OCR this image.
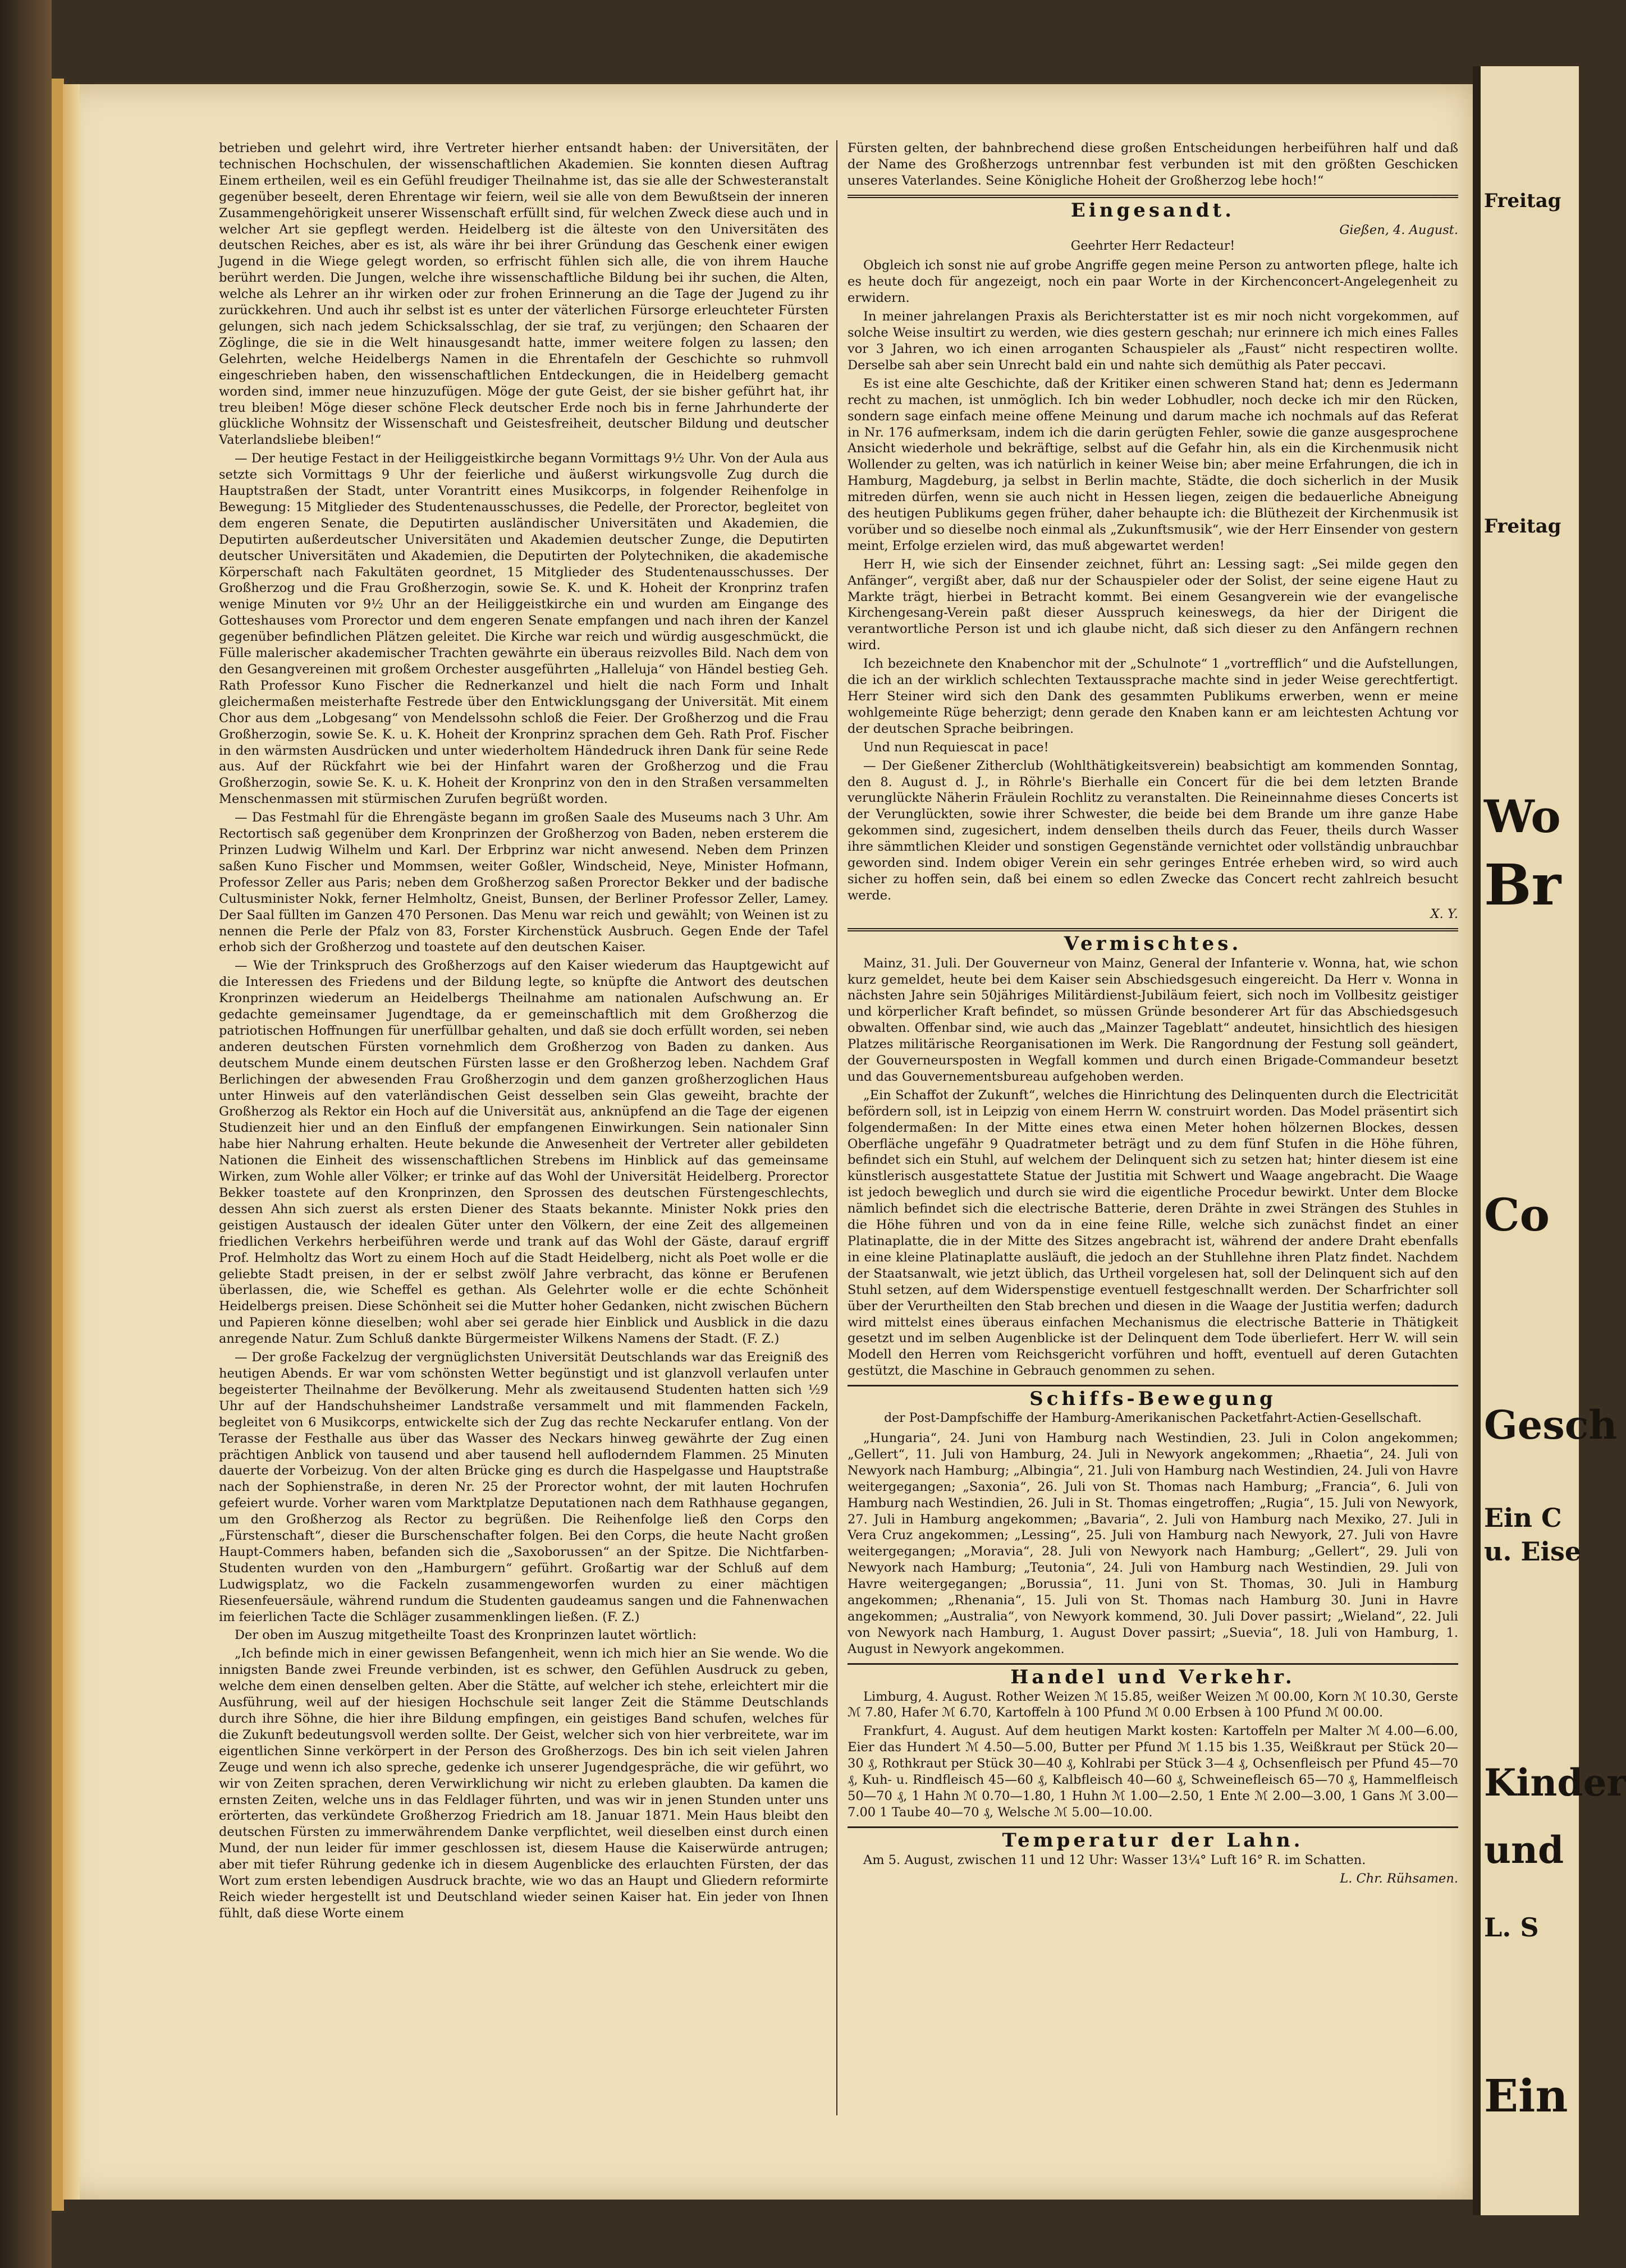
betrieben und gelehrt wird, ihre Vertreter hierher entsandt haben: der Universitäten, der technischen Hochschulen, der wissenschaftlichen Akademien. Sie konnten diesen Auftrag Einem ertheilen, weil es ein Gefühl freudiger Theilnahme ist, das sie alle der Schwesteranstalt gegenüber beseelt, deren Ehrentage wir feiern, weil sie alle von dem Bewußtsein der inneren Zusammengehörigkeit unserer Wissenschaft erfüllt sind, für welchen Zweck diese auch und in welcher Art sie gepflegt werden. Heidelberg ist die älteste von den Universitäten des deutschen Reiches, aber es ist, als wäre ihr bei ihrer Gründung das Geschenk einer ewigen Jugend in die Wiege gelegt worden, so erfrischt fühlen sich alle, die von ihrem Hauche berührt werden. Die Jungen, welche ihre wissenschaftliche Bildung bei ihr suchen, die Alten, welche als Lehrer an ihr wirken oder zur frohen Erinnerung an die Tage der Jugend zu ihr zurückkehren. Und auch ihr selbst ist es unter der väterlichen Fürsorge erleuchteter Fürsten gelungen, sich nach jedem Schicksalsschlag, der sie traf, zu verjüngen; den Schaaren der Zöglinge, die sie in die Welt hinausgesandt hatte, immer weitere folgen zu lassen; den Gelehrten, welche Heidelbergs Namen in die Ehrentafeln der Geschichte so ruhmvoll eingeschrieben haben, den wissenschaftlichen Entdeckungen, die in Heidelberg gemacht worden sind, immer neue hinzuzufügen. Möge der gute Geist, der sie bisher geführt hat, ihr treu bleiben! Möge dieser schöne Fleck deutscher Erde noch bis in ferne Jahrhunderte der glückliche Wohnsitz der Wissenschaft und Geistesfreiheit, deutscher Bildung und deutscher Vaterlandsliebe bleiben!“

— Der heutige Festact in der Heiliggeistkirche begann Vormittags 9½ Uhr. Von der Aula aus setzte sich Vormittags 9 Uhr der feierliche und äußerst wirkungsvolle Zug durch die Hauptstraßen der Stadt, unter Vorantritt eines Musikcorps, in folgender Reihenfolge in Bewegung: 15 Mitglieder des Studentenausschusses, die Pedelle, der Prorector, begleitet von dem engeren Senate, die Deputirten ausländischer Universitäten und Akademien, die Deputirten außerdeutscher Universitäten und Akademien deutscher Zunge, die Deputirten deutscher Universitäten und Akademien, die Deputirten der Polytechniken, die akademische Körperschaft nach Fakultäten geordnet, 15 Mitglieder des Studentenausschusses. Der Großherzog und die Frau Großherzogin, sowie Se. K. und K. Hoheit der Kronprinz trafen wenige Minuten vor 9½ Uhr an der Heiliggeistkirche ein und wurden am Eingange des Gotteshauses vom Prorector und dem engeren Senate empfangen und nach ihren der Kanzel gegenüber befindlichen Plätzen geleitet. Die Kirche war reich und würdig ausgeschmückt, die Fülle malerischer akademischer Trachten gewährte ein überaus reizvolles Bild. Nach dem von den Gesangvereinen mit großem Orchester ausgeführten „Halleluja“ von Händel bestieg Geh. Rath Professor Kuno Fischer die Rednerkanzel und hielt die nach Form und Inhalt gleichermaßen meisterhafte Festrede über den Entwicklungsgang der Universität. Mit einem Chor aus dem „Lobgesang“ von Mendelssohn schloß die Feier. Der Großherzog und die Frau Großherzogin, sowie Se. K. u. K. Hoheit der Kronprinz sprachen dem Geh. Rath Prof. Fischer in den wärmsten Ausdrücken und unter wiederholtem Händedruck ihren Dank für seine Rede aus. Auf der Rückfahrt wie bei der Hinfahrt waren der Großherzog und die Frau Großherzogin, sowie Se. K. u. K. Hoheit der Kronprinz von den in den Straßen versammelten Menschenmassen mit stürmischen Zurufen begrüßt worden.

— Das Festmahl für die Ehrengäste begann im großen Saale des Museums nach 3 Uhr. Am Rectortisch saß gegenüber dem Kronprinzen der Großherzog von Baden, neben ersterem die Prinzen Ludwig Wilhelm und Karl. Der Erbprinz war nicht anwesend. Neben dem Prinzen saßen Kuno Fischer und Mommsen, weiter Goßler, Windscheid, Neye, Minister Hofmann, Professor Zeller aus Paris; neben dem Großherzog saßen Prorector Bekker und der badische Cultusminister Nokk, ferner Helmholtz, Gneist, Bunsen, der Berliner Professor Zeller, Lamey. Der Saal füllten im Ganzen 470 Personen. Das Menu war reich und gewählt; von Weinen ist zu nennen die Perle der Pfalz von 83, Forster Kirchenstück Ausbruch. Gegen Ende der Tafel erhob sich der Großherzog und toastete auf den deutschen Kaiser.

— Wie der Trinkspruch des Großherzogs auf den Kaiser wiederum das Hauptgewicht auf die Interessen des Friedens und der Bildung legte, so knüpfte die Antwort des deutschen Kronprinzen wiederum an Heidelbergs Theilnahme am nationalen Aufschwung an. Er gedachte gemeinsamer Jugendtage, da er gemeinschaftlich mit dem Großherzog die patriotischen Hoffnungen für unerfüllbar gehalten, und daß sie doch erfüllt worden, sei neben anderen deutschen Fürsten vornehmlich dem Großherzog von Baden zu danken. Aus deutschem Munde einem deutschen Fürsten lasse er den Großherzog leben. Nachdem Graf Berlichingen der abwesenden Frau Großherzogin und dem ganzen großherzoglichen Haus unter Hinweis auf den vaterländischen Geist desselben sein Glas geweiht, brachte der Großherzog als Rektor ein Hoch auf die Universität aus, anknüpfend an die Tage der eigenen Studienzeit hier und an den Einfluß der empfangenen Einwirkungen. Sein nationaler Sinn habe hier Nahrung erhalten. Heute bekunde die Anwesenheit der Vertreter aller gebildeten Nationen die Einheit des wissenschaftlichen Strebens im Hinblick auf das gemeinsame Wirken, zum Wohle aller Völker; er trinke auf das Wohl der Universität Heidelberg. Prorector Bekker toastete auf den Kronprinzen, den Sprossen des deutschen Fürstengeschlechts, dessen Ahn sich zuerst als ersten Diener des Staats bekannte. Minister Nokk pries den geistigen Austausch der idealen Güter unter den Völkern, der eine Zeit des allgemeinen friedlichen Verkehrs herbeiführen werde und trank auf das Wohl der Gäste, darauf ergriff Prof. Helmholtz das Wort zu einem Hoch auf die Stadt Heidelberg, nicht als Poet wolle er die geliebte Stadt preisen, in der er selbst zwölf Jahre verbracht, das könne er Berufenen überlassen, die, wie Scheffel es gethan. Als Gelehrter wolle er die echte Schönheit Heidelbergs preisen. Diese Schönheit sei die Mutter hoher Gedanken, nicht zwischen Büchern und Papieren könne dieselben; wohl aber sei gerade hier Einblick und Ausblick in die dazu anregende Natur. Zum Schluß dankte Bürgermeister Wilkens Namens der Stadt. (F. Z.)

— Der große Fackelzug der vergnüglichsten Universität Deutschlands war das Ereigniß des heutigen Abends. Er war vom schönsten Wetter begünstigt und ist glanzvoll verlaufen unter begeisterter Theilnahme der Bevölkerung. Mehr als zweitausend Studenten hatten sich ½9 Uhr auf der Handschuhsheimer Landstraße versammelt und mit flammenden Fackeln, begleitet von 6 Musikcorps, entwickelte sich der Zug das rechte Neckarufer entlang. Von der Terasse der Festhalle aus über das Wasser des Neckars hinweg gewährte der Zug einen prächtigen Anblick von tausend und aber tausend hell aufloderndem Flammen. 25 Minuten dauerte der Vorbeizug. Von der alten Brücke ging es durch die Haspelgasse und Hauptstraße nach der Sophienstraße, in deren Nr. 25 der Prorector wohnt, der mit lauten Hochrufen gefeiert wurde. Vorher waren vom Marktplatze Deputationen nach dem Rathhause gegangen, um den Großherzog als Rector zu begrüßen. Die Reihenfolge ließ den Corps den „Fürstenschaft“, dieser die Burschenschafter folgen. Bei den Corps, die heute Nacht großen Haupt-Commers haben, befanden sich die „Saxoborussen“ an der Spitze. Die Nichtfarben-Studenten wurden von den „Hamburgern“ geführt. Großartig war der Schluß auf dem Ludwigsplatz, wo die Fackeln zusammengeworfen wurden zu einer mächtigen Riesenfeuersäule, während rundum die Studenten gaudeamus sangen und die Fahnenwachen im feierlichen Tacte die Schläger zusammenklingen ließen. (F. Z.)

Der oben im Auszug mitgetheilte Toast des Kronprinzen lautet wörtlich:

„Ich befinde mich in einer gewissen Befangenheit, wenn ich mich hier an Sie wende. Wo die innigsten Bande zwei Freunde verbinden, ist es schwer, den Gefühlen Ausdruck zu geben, welche dem einen denselben gelten. Aber die Stätte, auf welcher ich stehe, erleichtert mir die Ausführung, weil auf der hiesigen Hochschule seit langer Zeit die Stämme Deutschlands durch ihre Söhne, die hier ihre Bildung empfingen, ein geistiges Band schufen, welches für die Zukunft bedeutungsvoll werden sollte. Der Geist, welcher sich von hier verbreitete, war im eigentlichen Sinne verkörpert in der Person des Großherzogs. Des bin ich seit vielen Jahren Zeuge und wenn ich also spreche, gedenke ich unserer Jugendgespräche, die wir geführt, wo wir von Zeiten sprachen, deren Verwirklichung wir nicht zu erleben glaubten. Da kamen die ernsten Zeiten, welche uns in das Feldlager führten, und was wir in jenen Stunden unter uns erörterten, das verkündete Großherzog Friedrich am 18. Januar 1871. Mein Haus bleibt den deutschen Fürsten zu immerwährendem Danke verpflichtet, weil dieselben einst durch einen Mund, der nun leider für immer geschlossen ist, diesem Hause die Kaiserwürde antrugen; aber mit tiefer Rührung gedenke ich in diesem Augenblicke des erlauchten Fürsten, der das Wort zum ersten lebendigen Ausdruck brachte, wie wo das an Haupt und Gliedern reformirte Reich wieder hergestellt ist und Deutschland wieder seinen Kaiser hat. Ein jeder von Ihnen fühlt, daß diese Worte einem

Fürsten gelten, der bahnbrechend diese großen Entscheidungen herbeiführen half und daß der Name des Großherzogs untrennbar fest verbunden ist mit den größten Geschicken unseres Vaterlandes. Seine Königliche Hoheit der Großherzog lebe hoch!“

Eingesandt.
Gießen, 4. August.
Geehrter Herr Redacteur!

Obgleich ich sonst nie auf grobe Angriffe gegen meine Person zu antworten pflege, halte ich es heute doch für angezeigt, noch ein paar Worte in der Kirchenconcert-Angelegenheit zu erwidern.

In meiner jahrelangen Praxis als Berichterstatter ist es mir noch nicht vorgekommen, auf solche Weise insultirt zu werden, wie dies gestern geschah; nur erinnere ich mich eines Falles vor 3 Jahren, wo ich einen arroganten Schauspieler als „Faust“ nicht respectiren wollte. Derselbe sah aber sein Unrecht bald ein und nahte sich demüthig als Pater peccavi.

Es ist eine alte Geschichte, daß der Kritiker einen schweren Stand hat; denn es Jedermann recht zu machen, ist unmöglich. Ich bin weder Lobhudler, noch decke ich mir den Rücken, sondern sage einfach meine offene Meinung und darum mache ich nochmals auf das Referat in Nr. 176 aufmerksam, indem ich die darin gerügten Fehler, sowie die ganze ausgesprochene Ansicht wiederhole und bekräftige, selbst auf die Gefahr hin, als ein die Kirchenmusik nicht Wollender zu gelten, was ich natürlich in keiner Weise bin; aber meine Erfahrungen, die ich in Hamburg, Magdeburg, ja selbst in Berlin machte, Städte, die doch sicherlich in der Musik mitreden dürfen, wenn sie auch nicht in Hessen liegen, zeigen die bedauerliche Abneigung des heutigen Publikums gegen früher, daher behaupte ich: die Blüthezeit der Kirchenmusik ist vorüber und so dieselbe noch einmal als „Zukunftsmusik“, wie der Herr Einsender von gestern meint, Erfolge erzielen wird, das muß abgewartet werden!

Herr H, wie sich der Einsender zeichnet, führt an: Lessing sagt: „Sei milde gegen den Anfänger“, vergißt aber, daß nur der Schauspieler oder der Solist, der seine eigene Haut zu Markte trägt, hierbei in Betracht kommt. Bei einem Gesangverein wie der evangelische Kirchengesang-Verein paßt dieser Ausspruch keineswegs, da hier der Dirigent die verantwortliche Person ist und ich glaube nicht, daß sich dieser zu den Anfängern rechnen wird.

Ich bezeichnete den Knabenchor mit der „Schulnote“ 1 „vortrefflich“ und die Aufstellungen, die ich an der wirklich schlechten Textaussprache machte sind in jeder Weise gerechtfertigt. Herr Steiner wird sich den Dank des gesammten Publikums erwerben, wenn er meine wohlgemeinte Rüge beherzigt; denn gerade den Knaben kann er am leichtesten Achtung vor der deutschen Sprache beibringen.

Und nun Requiescat in pace!

— Der Gießener Zitherclub (Wohlthätigkeitsverein) beabsichtigt am kommenden Sonntag, den 8. August d. J., in Röhrle's Bierhalle ein Concert für die bei dem letzten Brande verunglückte Näherin Fräulein Rochlitz zu veranstalten. Die Reineinnahme dieses Concerts ist der Verunglückten, sowie ihrer Schwester, die beide bei dem Brande um ihre ganze Habe gekommen sind, zugesichert, indem denselben theils durch das Feuer, theils durch Wasser ihre sämmtlichen Kleider und sonstigen Gegenstände vernichtet oder vollständig unbrauchbar geworden sind. Indem obiger Verein ein sehr geringes Entrée erheben wird, so wird auch sicher zu hoffen sein, daß bei einem so edlen Zwecke das Concert recht zahlreich besucht werde.

X. Y.
Vermischtes.

Mainz, 31. Juli. Der Gouverneur von Mainz, General der Infanterie v. Wonna, hat, wie schon kurz gemeldet, heute bei dem Kaiser sein Abschiedsgesuch eingereicht. Da Herr v. Wonna in nächsten Jahre sein 50jähriges Militärdienst-Jubiläum feiert, sich noch im Vollbesitz geistiger und körperlicher Kraft befindet, so müssen Gründe besonderer Art für das Abschiedsgesuch obwalten. Offenbar sind, wie auch das „Mainzer Tageblatt“ andeutet, hinsichtlich des hiesigen Platzes militärische Reorganisationen im Werk. Die Rangordnung der Festung soll geändert, der Gouverneursposten in Wegfall kommen und durch einen Brigade-Commandeur besetzt und das Gouvernementsbureau aufgehoben werden.

„Ein Schaffot der Zukunft“, welches die Hinrichtung des Delinquenten durch die Electricität befördern soll, ist in Leipzig von einem Herrn W. construirt worden. Das Model präsentirt sich folgendermaßen: In der Mitte eines etwa einen Meter hohen hölzernen Blockes, dessen Oberfläche ungefähr 9 Quadratmeter beträgt und zu dem fünf Stufen in die Höhe führen, befindet sich ein Stuhl, auf welchem der Delinquent sich zu setzen hat; hinter diesem ist eine künstlerisch ausgestattete Statue der Justitia mit Schwert und Waage angebracht. Die Waage ist jedoch beweglich und durch sie wird die eigentliche Procedur bewirkt. Unter dem Blocke nämlich befindet sich die electrische Batterie, deren Drähte in zwei Strängen des Stuhles in die Höhe führen und von da in eine feine Rille, welche sich zunächst findet an einer Platinaplatte, die in der Mitte des Sitzes angebracht ist, während der andere Draht ebenfalls in eine kleine Platinaplatte ausläuft, die jedoch an der Stuhllehne ihren Platz findet. Nachdem der Staatsanwalt, wie jetzt üblich, das Urtheil vorgelesen hat, soll der Delinquent sich auf den Stuhl setzen, auf dem Widerspenstige eventuell festgeschnallt werden. Der Scharfrichter soll über der Verurtheilten den Stab brechen und diesen in die Waage der Justitia werfen; dadurch wird mittelst eines überaus einfachen Mechanismus die electrische Batterie in Thätigkeit gesetzt und im selben Augenblicke ist der Delinquent dem Tode überliefert. Herr W. will sein Modell den Herren vom Reichsgericht vorführen und hofft, eventuell auf deren Gutachten gestützt, die Maschine in Gebrauch genommen zu sehen.

Schiffs-Bewegung
der Post-Dampfschiffe der Hamburg-Amerikanischen Packetfahrt-Actien-Gesellschaft.

„Hungaria“, 24. Juni von Hamburg nach Westindien, 23. Juli in Colon angekommen; „Gellert“, 11. Juli von Hamburg, 24. Juli in Newyork angekommen; „Rhaetia“, 24. Juli von Newyork nach Hamburg; „Albingia“, 21. Juli von Hamburg nach Westindien, 24. Juli von Havre weitergegangen; „Saxonia“, 26. Juli von St. Thomas nach Hamburg; „Francia“, 6. Juli von Hamburg nach Westindien, 26. Juli in St. Thomas eingetroffen; „Rugia“, 15. Juli von Newyork, 27. Juli in Hamburg angekommen; „Bavaria“, 2. Juli von Hamburg nach Mexiko, 27. Juli in Vera Cruz angekommen; „Lessing“, 25. Juli von Hamburg nach Newyork, 27. Juli von Havre weitergegangen; „Moravia“, 28. Juli von Newyork nach Hamburg; „Gellert“, 29. Juli von Newyork nach Hamburg; „Teutonia“, 24. Juli von Hamburg nach Westindien, 29. Juli von Havre weitergegangen; „Borussia“, 11. Juni von St. Thomas, 30. Juli in Hamburg angekommen; „Rhenania“, 15. Juli von St. Thomas nach Hamburg 30. Juni in Havre angekommen; „Australia“, von Newyork kommend, 30. Juli Dover passirt; „Wieland“, 22. Juli von Newyork nach Hamburg, 1. August Dover passirt; „Suevia“, 18. Juli von Hamburg, 1. August in Newyork angekommen.

Handel und Verkehr.

Limburg, 4. August. Rother Weizen ℳ 15.85, weißer Weizen ℳ 00.00, Korn ℳ 10.30, Gerste ℳ 7.80, Hafer ℳ 6.70, Kartoffeln à 100 Pfund ℳ 0.00 Erbsen à 100 Pfund ℳ 00.00.

Frankfurt, 4. August. Auf dem heutigen Markt kosten: Kartoffeln per Malter ℳ 4.00—6.00, Eier das Hundert ℳ 4.50—5.00, Butter per Pfund ℳ 1.15 bis 1.35, Weißkraut per Stück 20—30 ₰, Rothkraut per Stück 30—40 ₰, Kohlrabi per Stück 3—4 ₰, Ochsenfleisch per Pfund 45—70 ₰, Kuh- u. Rindfleisch 45—60 ₰, Kalbfleisch 40—60 ₰, Schweinefleisch 65—70 ₰, Hammelfleisch 50—70 ₰, 1 Hahn ℳ 0.70—1.80, 1 Huhn ℳ 1.00—2.50, 1 Ente ℳ 2.00—3.00, 1 Gans ℳ 3.00—7.00 1 Taube 40—70 ₰, Welsche ℳ 5.00—10.00.

Temperatur der Lahn.

Am 5. August, zwischen 11 und 12 Uhr: Wasser 13¼° Luft 16° R. im Schatten.

L. Chr. Rühsamen.
Freitag
Freitag
Wo
Br
Co
Gesch
Ein C
u. Eise
Kinder
und
L. S
Ein
